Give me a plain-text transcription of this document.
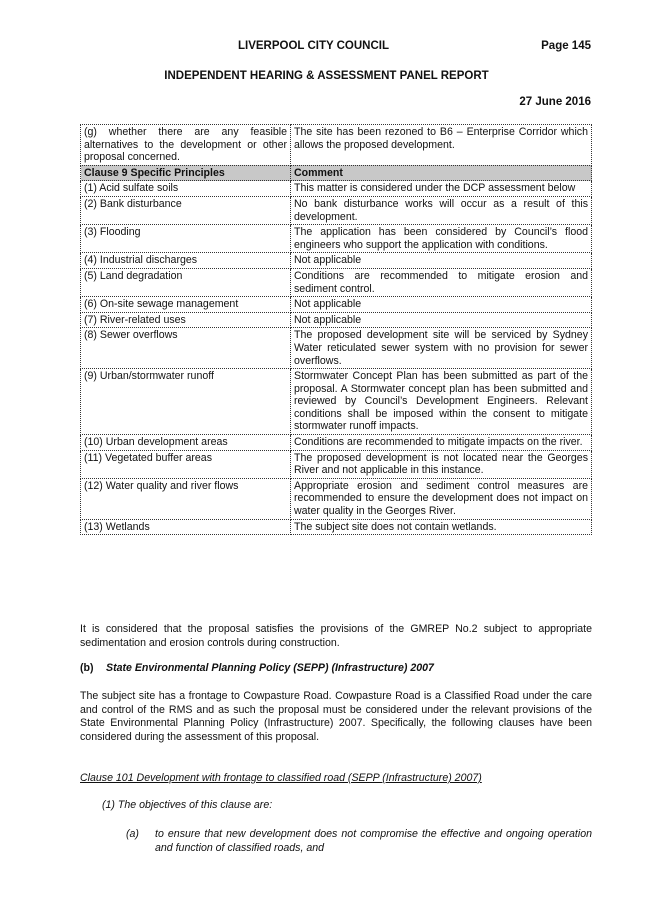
LIVERPOOL CITY COUNCIL	Page 145
INDEPENDENT HEARING & ASSESSMENT PANEL REPORT
27 June 2016
(g) whether there are any feasible alternatives to the development or other proposal concerned.	The site has been rezoned to B6 – Enterprise Corridor which allows the proposed development.
Clause 9 Specific Principles	Comment
(1) Acid sulfate soils	This matter is considered under the DCP assessment below
(2) Bank disturbance	No bank disturbance works will occur as a result of this development.
(3) Flooding	The application has been considered by Council’s flood engineers who support the application with conditions.
(4) Industrial discharges	Not applicable
(5) Land degradation	Conditions are recommended to mitigate erosion and sediment control.
(6) On-site sewage management	Not applicable
(7) River-related uses	Not applicable
(8) Sewer overflows	The proposed development site will be serviced by Sydney Water reticulated sewer system with no provision for sewer overflows.
(9) Urban/stormwater runoff	Stormwater Concept Plan has been submitted as part of the proposal. A Stormwater concept plan has been submitted and reviewed by Council’s Development Engineers. Relevant conditions shall be imposed within the consent to mitigate stormwater runoff impacts.
(10) Urban development areas	Conditions are recommended to mitigate impacts on the river.
(11) Vegetated buffer areas	The proposed development is not located near the Georges River and not applicable in this instance.
(12) Water quality and river flows	Appropriate erosion and sediment control measures are recommended to ensure the development does not impact on water quality in the Georges River.
(13) Wetlands	The subject site does not contain wetlands.
It is considered that the proposal satisfies the provisions of the GMREP No.2 subject to appropriate sedimentation and erosion controls during construction.
(b) State Environmental Planning Policy (SEPP) (Infrastructure) 2007
The subject site has a frontage to Cowpasture Road. Cowpasture Road is a Classified Road under the care and control of the RMS and as such the proposal must be considered under the relevant provisions of the State Environmental Planning Policy (Infrastructure) 2007. Specifically, the following clauses have been considered during the assessment of this proposal.
Clause 101 Development with frontage to classified road (SEPP (Infrastructure) 2007)
(1) The objectives of this clause are:
(a)	to ensure that new development does not compromise the effective and ongoing operation and function of classified roads, and
